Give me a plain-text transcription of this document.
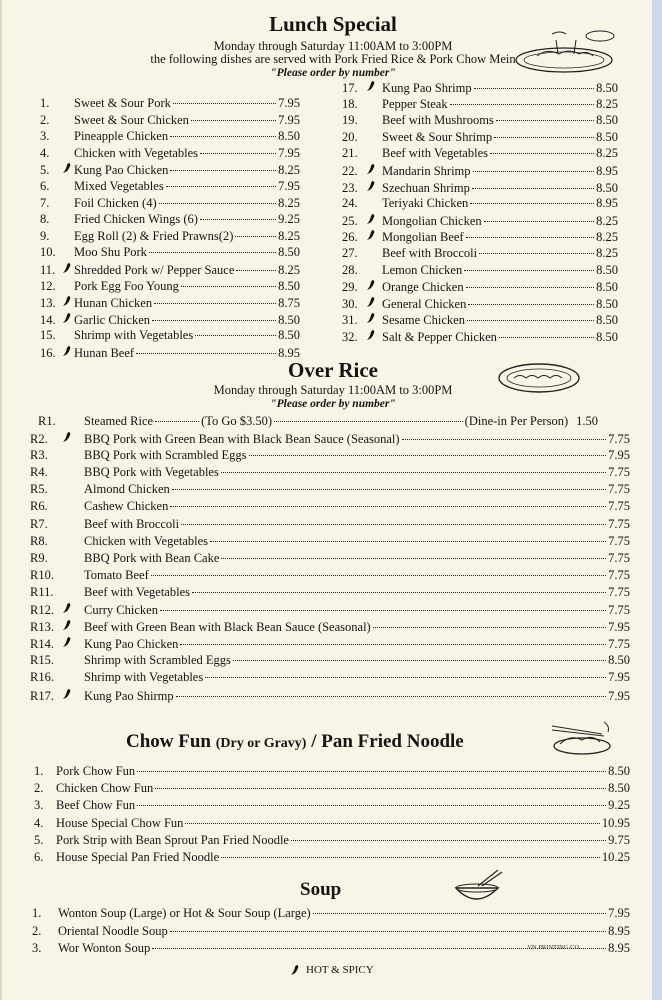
Lunch Special
Monday through Saturday 11:00AM to 3:00PM
the following dishes are served with Pork Fried Rice & Pork Chow Mein
"Please order by number"
1.	Sweet & Sour Pork	7.95
2.	Sweet & Sour Chicken	7.95
3.	Pineapple Chicken	8.50
4.	Chicken with Vegetables	7.95
5.	Kung Pao Chicken	8.25
6.	Mixed Vegetables	7.95
7.	Foil Chicken (4)	8.25
8.	Fried Chicken Wings (6)	9.25
9.	Egg Roll (2) & Fried Prawns(2)	8.25
10.	Moo Shu Pork	8.50
11.	Shredded Pork w/ Pepper Sauce	8.25
12.	Pork Egg Foo Young	8.50
13.	Hunan Chicken	8.75
14.	Garlic Chicken	8.50
15.	Shrimp with Vegetables	8.50
16.	Hunan Beef	8.95
17.	Kung Pao Shrimp	8.50
18.	Pepper Steak	8.25
19.	Beef with Mushrooms	8.50
20.	Sweet & Sour Shrimp	8.50
21.	Beef with Vegetables	8.25
22.	Mandarin Shrimp	8.95
23.	Szechuan Shrimp	8.50
24.	Teriyaki Chicken	8.95
25.	Mongolian Chicken	8.25
26.	Mongolian Beef	8.25
27.	Beef with Broccoli	8.25
28.	Lemon Chicken	8.50
29.	Orange Chicken	8.50
30.	General Chicken	8.50
31.	Sesame Chicken	8.50
32.	Salt & Pepper Chicken	8.50
Over Rice
Monday through Saturday 11:00AM to 3:00PM
"Please order by number"
R1.	Steamed Rice	(To Go $3.50)	(Dine-in Per Person) 1.50
R2.	BBQ Pork with Green Bean with Black Bean Sauce (Seasonal)	7.75
R3.	BBQ Pork with Scrambled Eggs	7.95
R4.	BBQ Pork with Vegetables	7.75
R5.	Almond Chicken	7.75
R6.	Cashew Chicken	7.75
R7.	Beef with Broccoli	7.75
R8.	Chicken with Vegetables	7.75
R9.	BBQ Pork with Bean Cake	7.75
R10.	Tomato Beef	7.75
R11.	Beef with Vegetables	7.75
R12.	Curry Chicken	7.75
R13.	Beef with Green Bean with Black Bean Sauce (Seasonal)	7.95
R14.	Kung Pao Chicken	7.75
R15.	Shrimp with Scrambled Eggs	8.50
R16.	Shrimp with Vegetables	7.95
R17.	Kung Pao Shirmp	7.95
Chow Fun (Dry or Gravy) / Pan Fried Noodle
1.	Pork Chow Fun	8.50
2.	Chicken Chow Fun	8.50
3.	Beef Chow Fun	9.25
4.	House Special Chow Fun	10.95
5.	Pork Strip with Bean Sprout Pan Fried Noodle	9.75
6.	House Special Pan Fried Noodle	10.25
Soup
1.	Wonton Soup (Large) or Hot & Sour Soup (Large)	7.95
2.	Oriental Noodle Soup	8.95
3.	Wor Wonton Soup	8.95
HOT & SPICY
VN PRINTING CO.
